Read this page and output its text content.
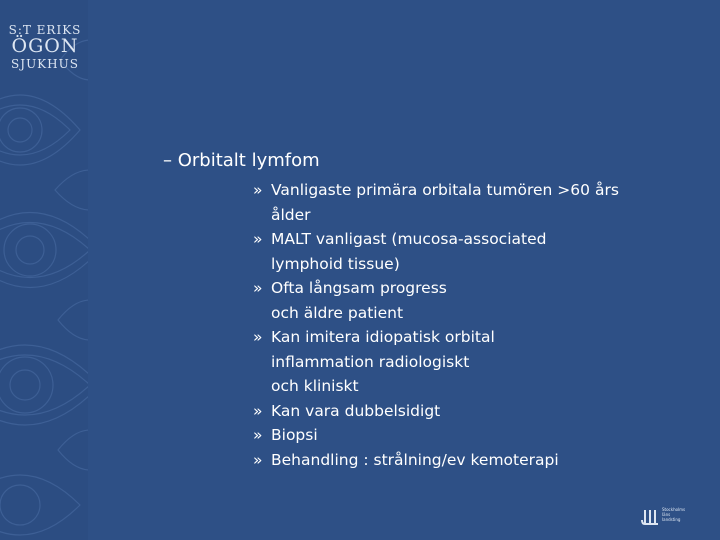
S:T ERIKS
ÖGON
SJUKHUS
– Orbitalt lymfom
» Vanligaste primära orbitala tumören >60 års
ålder
» MALT vanligast (mucosa-associated
lymphoid tissue)
» Ofta långsam progress
och äldre patient
» Kan imitera idiopatisk orbital
inflammation radiologiskt
och kliniskt
» Kan vara dubbelsidigt
» Biopsi
» Behandling : strålning/ev kemoterapi
Stockholms
läns
landsting
